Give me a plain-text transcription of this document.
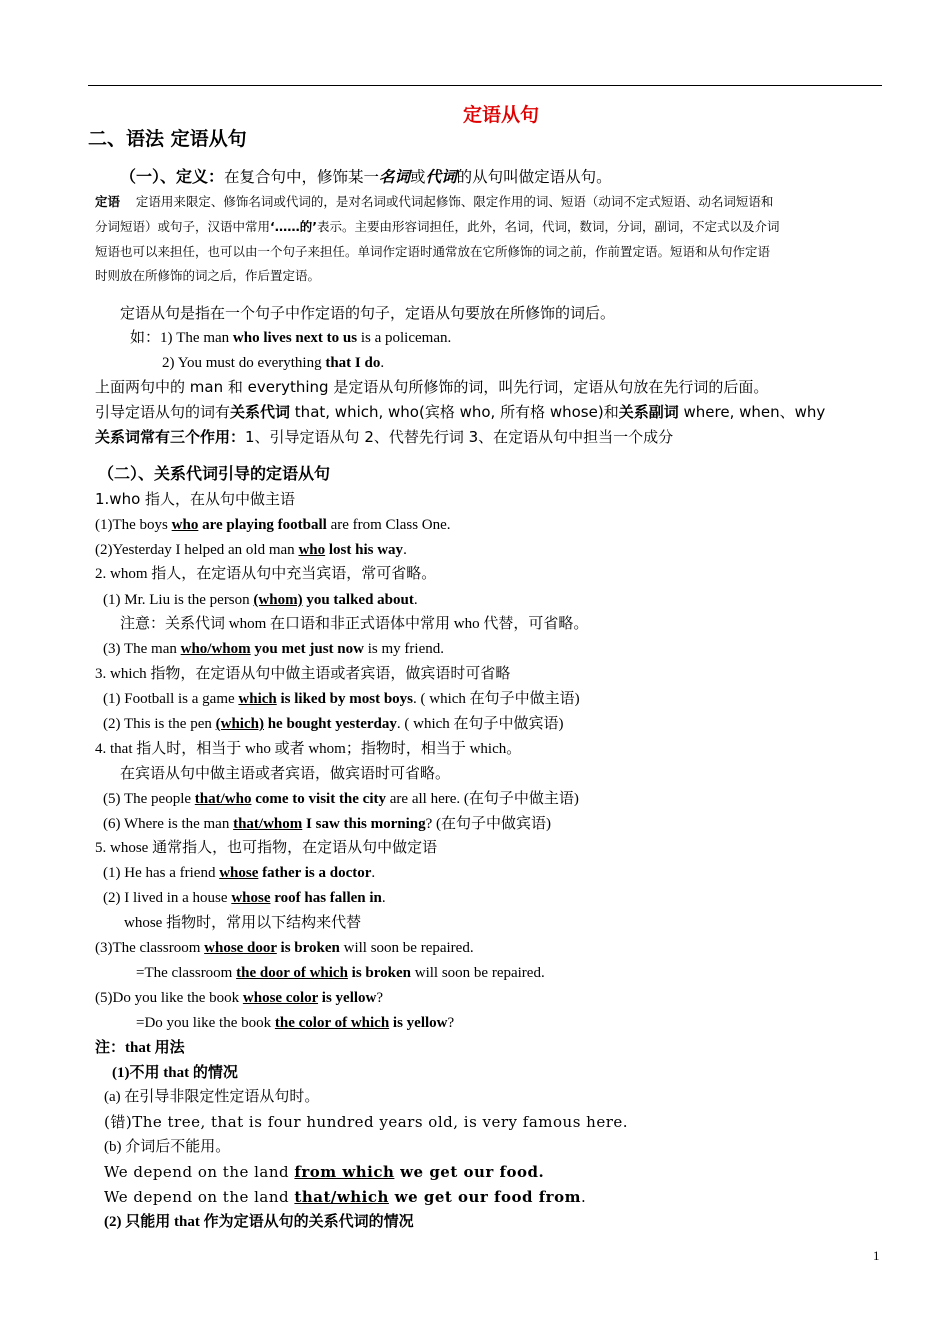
定语从句
二、语法 定语从句
（一）、定义：在复合句中，修饰某一名词或代词的从句叫做定语从句。
定语 定语用来限定、修饰名词或代词的，是对名词或代词起修饰、限定作用的词、短语（动词不定式短语、动名词短语和
分词短语）或句子，汉语中常用‘……的’表示。主要由形容词担任，此外，名词，代词，数词，分词，副词，不定式以及介词
短语也可以来担任，也可以由一个句子来担任。单词作定语时通常放在它所修饰的词之前，作前置定语。短语和从句作定语
时则放在所修饰的词之后，作后置定语。
定语从句是指在一个句子中作定语的句子，定语从句要放在所修饰的词后。
如：1) The man who lives next to us is a policeman.
2) You must do everything that I do.
上面两句中的 man 和 everything 是定语从句所修饰的词，叫先行词，定语从句放在先行词的后面。
引导定语从句的词有关系代词 that, which, who(宾格 who, 所有格 whose)和关系副词 where, when、why
关系词常有三个作用：1、引导定语从句 2、代替先行词 3、在定语从句中担当一个成分
（二）、关系代词引导的定语从句
1.who 指人，在从句中做主语
(1)The boys who are playing football are from Class One.
(2)Yesterday I helped an old man who lost his way.
2. whom 指人，在定语从句中充当宾语，常可省略。
(1) Mr. Liu is the person (whom) you talked about.
注意：关系代词 whom 在口语和非正式语体中常用 who 代替，可省略。
(3) The man who/whom you met just now is my friend.
3. which 指物，在定语从句中做主语或者宾语，做宾语时可省略
(1) Football is a game which is liked by most boys. ( which 在句子中做主语)
(2) This is the pen (which) he bought yesterday. ( which 在句子中做宾语)
4. that 指人时，相当于 who 或者 whom；指物时，相当于 which。
在宾语从句中做主语或者宾语，做宾语时可省略。
(5) The people that/who come to visit the city are all here. (在句子中做主语)
(6) Where is the man that/whom I saw this morning? (在句子中做宾语)
5. whose 通常指人，也可指物，在定语从句中做定语
(1) He has a friend whose father is a doctor.
(2) I lived in a house whose roof has fallen in.
whose 指物时，常用以下结构来代替
(3)The classroom whose door is broken will soon be repaired.
=The classroom the door of which is broken will soon be repaired.
(5)Do you like the book whose color is yellow?
=Do you like the book the color of which is yellow?
注：that 用法
(1)不用 that 的情况
(a) 在引导非限定性定语从句时。
(错)The tree, that is four hundred years old, is very famous here.
(b) 介词后不能用。
We depend on the land from which we get our food.
We depend on the land that/which we get our food from.
(2) 只能用 that 作为定语从句的关系代词的情况
1
